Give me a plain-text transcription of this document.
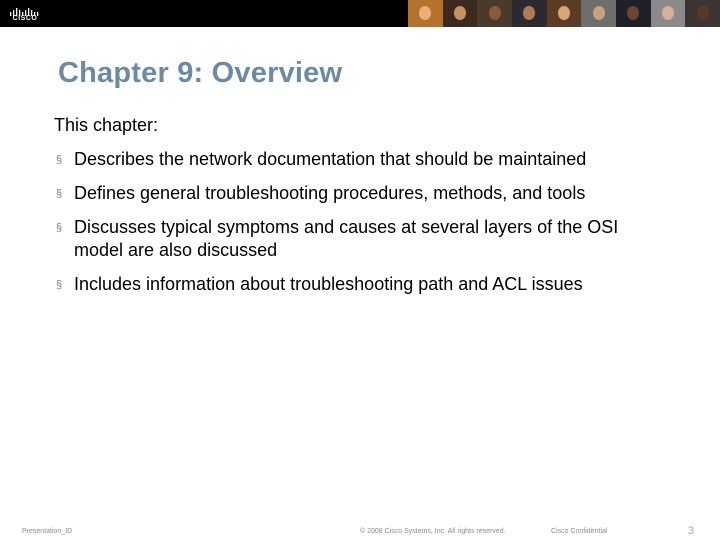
CISCO
Chapter 9: Overview
This chapter:
§ Describes the network documentation that should be maintained
§ Defines general troubleshooting procedures, methods, and tools
§ Discusses typical symptoms and causes at several layers of the OSI model are also discussed
§ Includes information about troubleshooting path and ACL issues
Presentation_ID	© 2008 Cisco Systems, Inc. All rights reserved.	Cisco Confidential	3
